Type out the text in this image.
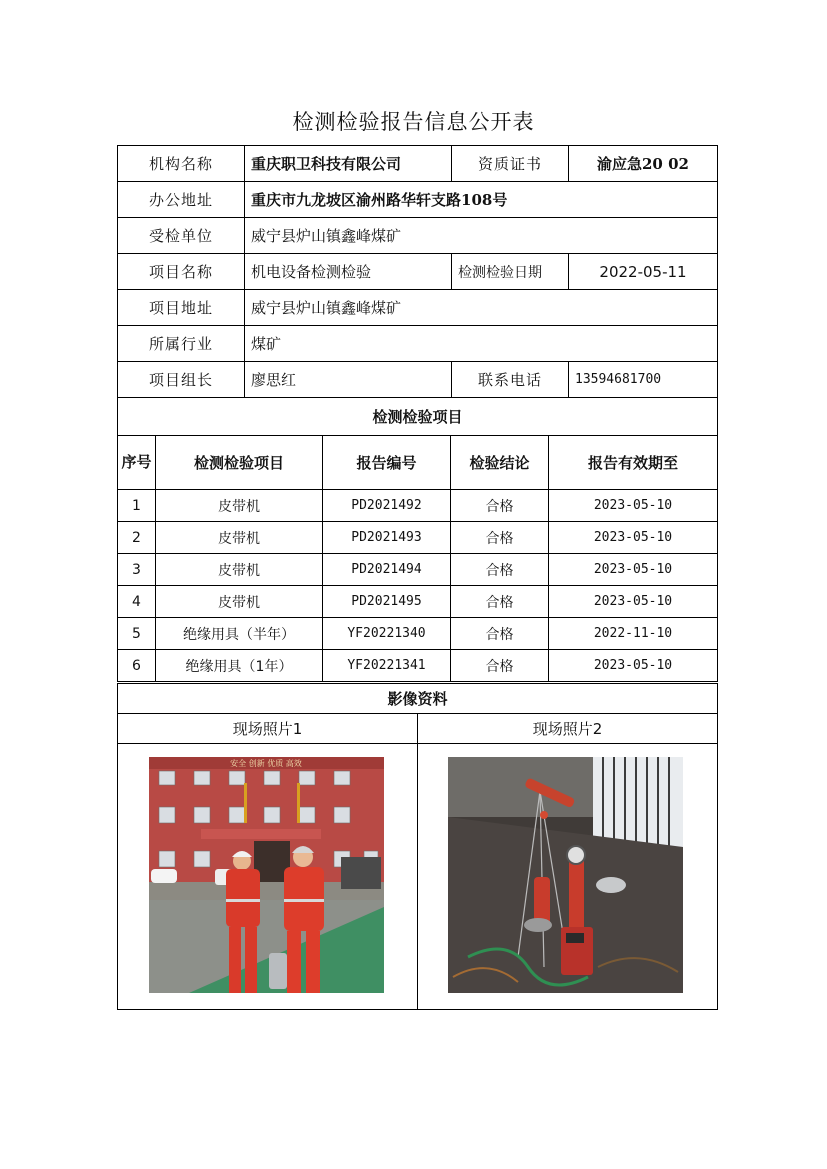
检测检验报告信息公开表
机构名称	重庆职卫科技有限公司	资质证书	渝应急20 02
办公地址	重庆市九龙坡区渝州路华轩支路108号		
受检单位	威宁县炉山镇鑫峰煤矿		
项目名称	机电设备检测检验	检测检验日期	2022-05-11
项目地址	威宁县炉山镇鑫峰煤矿		
所属行业	煤矿		
项目组长	廖思红	联系电话	13594681700
检测检验项目			
序号	检测检验项目	报告编号	检验结论	报告有效期至
1	皮带机	PD2021492	合格	2023-05-10
2	皮带机	PD2021493	合格	2023-05-10
3	皮带机	PD2021494	合格	2023-05-10
4	皮带机	PD2021495	合格	2023-05-10
5	绝缘用具（半年）	YF20221340	合格	2022-11-10
6	绝缘用具（1年）	YF20221341	合格	2023-05-10
影像资料	
现场照片1	现场照片2

安全 创新 优质 高效
